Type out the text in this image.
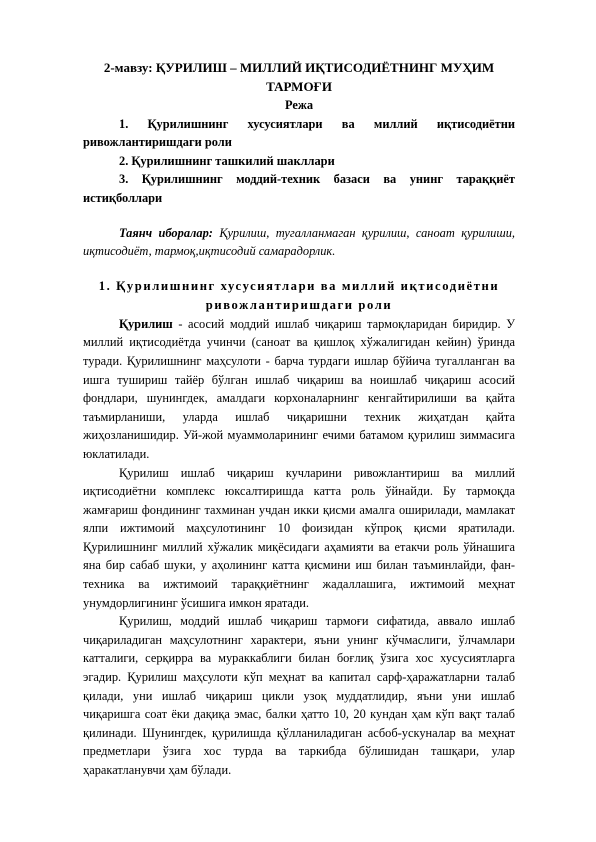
2-мавзу: ҚУРИЛИШ – МИЛЛИЙ ИҚТИСОДИЁТНИНГ МУҲИМ
ТАРМОҒИ

Режа

1. Қурилишнинг хусусиятлари ва миллий иқтисодиётни ривожлантиришдаги роли

2. Қурилишнинг ташкилий шакллари

3. Қурилишнинг моддий-техник базаси ва унинг тараққиёт истиқболлари

Таянч иборалар: Қурилиш, тугалланмаган қурилиш, саноат қурилиши, иқтисодиёт, тармоқ,иқтисодий самарадорлик.

1. Қурилишнинг хусусиятлари ва миллий иқтисодиётни
ривожлантиришдаги роли

Қурилиш - асосий моддий ишлаб чиқариш тармоқларидан биридир. У миллий иқтисодиётда учинчи (саноат ва қишлоқ хўжалигидан кейин) ўринда туради. Қурилишнинг маҳсулоти - барча турдаги ишлар бўйича тугалланган ва ишга тушириш тайёр бўлган ишлаб чиқариш ва ноишлаб чиқариш асосий фондлари, шунингдек, амалдаги корхоналарнинг кенгайтирилиши ва қайта таъмирланиши, уларда ишлаб чиқаришни техник жиҳатдан қайта жиҳозланишидир. Уй-жой муаммоларининг ечими батамом қурилиш зиммасига юклатилади.

Қурилиш ишлаб чиқариш кучларини ривожлантириш ва миллий иқтисодиётни комплекс юксалтиришда катта роль ўйнайди. Бу тармоқда жамғариш фондининг тахминан учдан икки қисми амалга оширилади, мамлакат ялпи ижтимоий маҳсулотининг 10 фоизидан кўпроқ қисми яратилади. Қурилишнинг миллий хўжалик миқёсидаги аҳамияти ва етакчи роль ўйнашига яна бир сабаб шуки, у аҳолининг катта қисмини иш билан таъминлайди, фан-техника ва ижтимоий тараққиётнинг жадаллашига, ижтимоий меҳнат унумдорлигининг ўсишига имкон яратади.

Қурилиш, моддий ишлаб чиқариш тармоғи сифатида, аввало ишлаб чиқариладиган маҳсулотнинг характери, яъни унинг кўчмаслиги, ўлчамлари катталиги, серқирра ва мураккаблиги билан боғлиқ ўзига хос хусусиятларга эгадир. Қурилиш маҳсулоти кўп меҳнат ва капитал сарф-ҳаражатларни талаб қилади, уни ишлаб чиқариш цикли узоқ муддатлидир, яъни уни ишлаб чиқаришга соат ёки дақиқа эмас, балки ҳатто 10, 20 кундан ҳам кўп вақт талаб қилинади. Шунингдек, қурилишда қўлланиладиган асбоб-ускуналар ва меҳнат предметлари ўзига хос турда ва таркибда бўлишидан ташқари, улар ҳаракатланувчи ҳам бўлади.
